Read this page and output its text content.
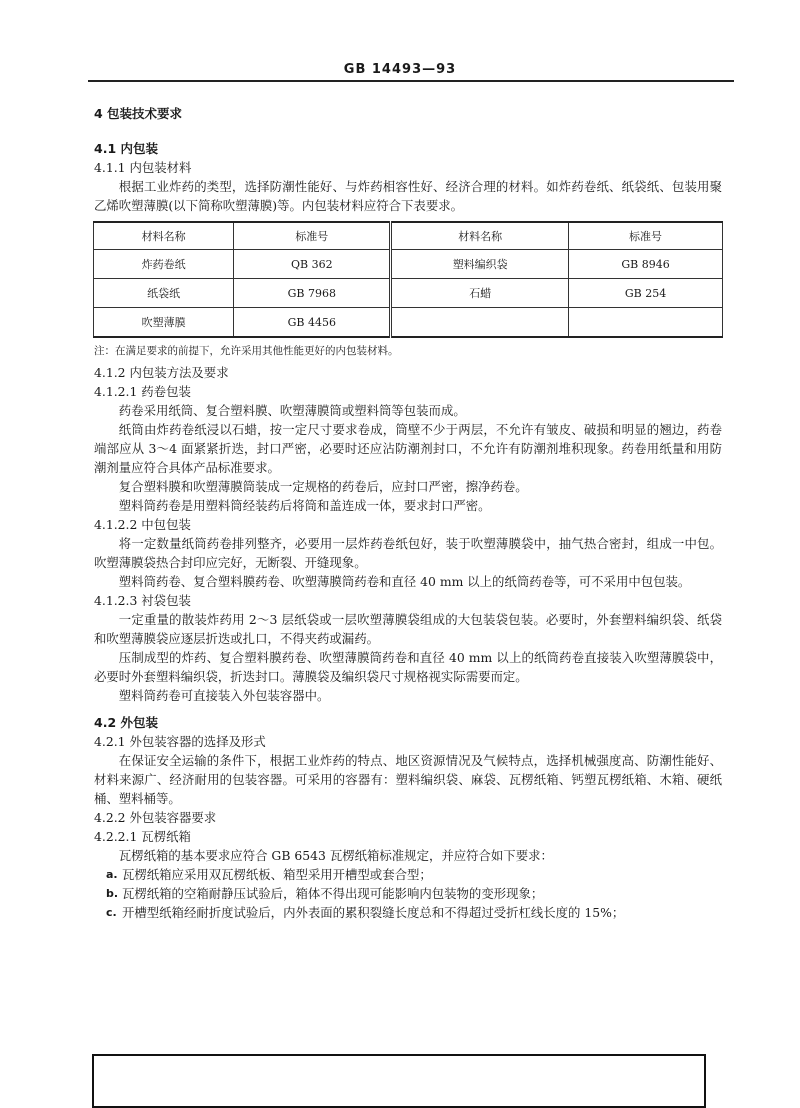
GB 14493—93
4 包装技术要求
4.1 内包装
4.1.1 内包装材料

根据工业炸药的类型，选择防潮性能好、与炸药相容性好、经济合理的材料。如炸药卷纸、纸袋纸、包装用聚乙烯吹塑薄膜(以下简称吹塑薄膜)等。内包装材料应符合下表要求。

材料名称	标准号	材料名称	标准号
炸药卷纸	QB 362	塑料编织袋	GB 8946
纸袋纸	GB 7968	石蜡	GB 254
吹塑薄膜	GB 4456		
注：在满足要求的前提下，允许采用其他性能更好的内包装材料。
4.1.2 内包装方法及要求
4.1.2.1 药卷包装

药卷采用纸筒、复合塑料膜、吹塑薄膜筒或塑料筒等包装而成。

纸筒由炸药卷纸浸以石蜡，按一定尺寸要求卷成，筒壁不少于两层，不允许有皱皮、破损和明显的翘边，药卷端部应从 3～4 面紧紧折迭，封口严密，必要时还应沾防潮剂封口，不允许有防潮剂堆积现象。药卷用纸量和用防潮剂量应符合具体产品标准要求。

复合塑料膜和吹塑薄膜筒装成一定规格的药卷后，应封口严密，擦净药卷。

塑料筒药卷是用塑料筒经装药后将筒和盖连成一体，要求封口严密。

4.1.2.2 中包包装

将一定数量纸筒药卷排列整齐，必要用一层炸药卷纸包好，装于吹塑薄膜袋中，抽气热合密封，组成一中包。吹塑薄膜袋热合封印应完好，无断裂、开缝现象。

塑料筒药卷、复合塑料膜药卷、吹塑薄膜筒药卷和直径 40 mm 以上的纸筒药卷等，可不采用中包包装。

4.1.2.3 衬袋包装

一定重量的散装炸药用 2～3 层纸袋或一层吹塑薄膜袋组成的大包装袋包装。必要时，外套塑料编织袋、纸袋和吹塑薄膜袋应逐层折迭或扎口，不得夹药或漏药。

压制成型的炸药、复合塑料膜药卷、吹塑薄膜筒药卷和直径 40 mm 以上的纸筒药卷直接装入吹塑薄膜袋中，必要时外套塑料编织袋，折迭封口。薄膜袋及编织袋尺寸规格视实际需要而定。

塑料筒药卷可直接装入外包装容器中。

4.2 外包装
4.2.1 外包装容器的选择及形式

在保证安全运输的条件下，根据工业炸药的特点、地区资源情况及气候特点，选择机械强度高、防潮性能好、材料来源广、经济耐用的包装容器。可采用的容器有：塑料编织袋、麻袋、瓦楞纸箱、钙塑瓦楞纸箱、木箱、硬纸桶、塑料桶等。

4.2.2 外包装容器要求
4.2.2.1 瓦楞纸箱

瓦楞纸箱的基本要求应符合 GB 6543 瓦楞纸箱标准规定，并应符合如下要求：

a. 瓦楞纸箱应采用双瓦楞纸板、箱型采用开槽型或套合型；
b. 瓦楞纸箱的空箱耐静压试验后，箱体不得出现可能影响内包装物的变形现象；
c. 开槽型纸箱经耐折度试验后，内外表面的累积裂缝长度总和不得超过受折杠线长度的 15%；
